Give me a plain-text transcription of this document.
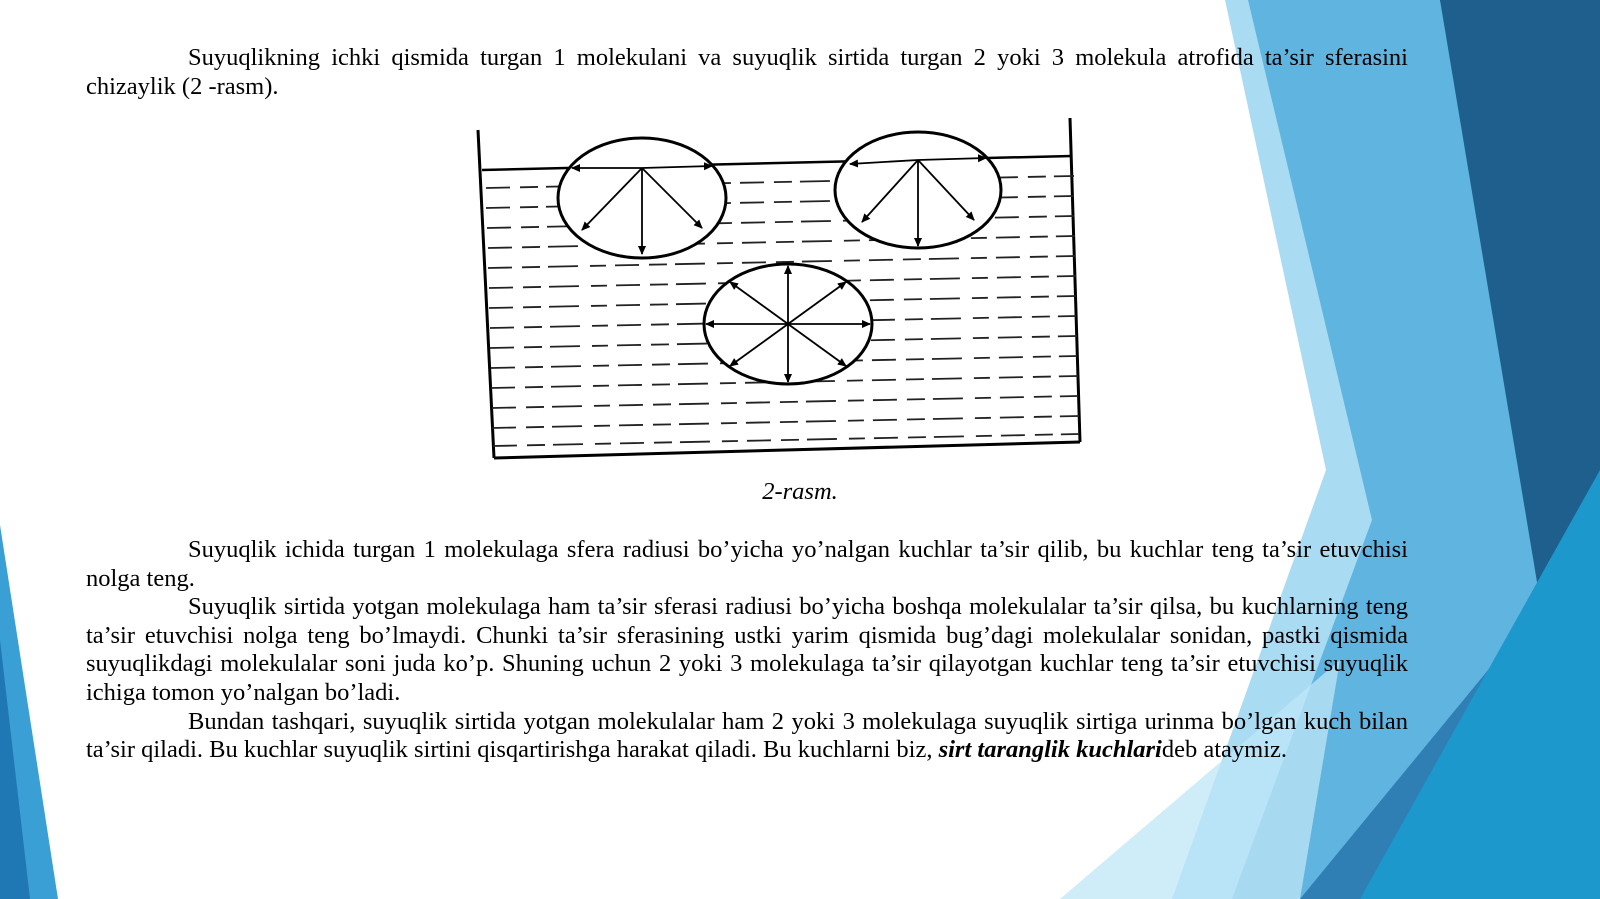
Suyuqlikning ichki qismida turgan 1 molekulani va suyuqlik sirtida turgan 2 yoki 3 molekula atrofida ta’sir sferasini chizaylik (2 -rasm).

2-rasm.

Suyuqlik ichida turgan 1 molekulaga sfera radiusi bo’yicha yo’nalgan kuchlar ta’sir qilib, bu kuchlar teng ta’sir etuvchisi nolga teng.

Suyuqlik sirtida yotgan molekulaga ham ta’sir sferasi radiusi bo’yicha boshqa molekulalar ta’sir qilsa, bu kuchlarning teng ta’sir etuvchisi nolga teng bo’lmaydi. Chunki ta’sir sferasining ustki yarim qismida bug’dagi molekulalar sonidan, pastki qismida suyuqlikdagi molekulalar soni juda ko’p. Shuning uchun 2 yoki 3 molekulaga ta’sir qilayotgan kuchlar teng ta’sir etuvchisi suyuqlik ichiga tomon yo’nalgan bo’ladi.

Bundan tashqari, suyuqlik sirtida yotgan molekulalar ham 2 yoki 3 molekulaga suyuqlik sirtiga urinma bo’lgan kuch bilan ta’sir qiladi. Bu kuchlar suyuqlik sirtini qisqartirishga harakat qiladi. Bu kuchlarni biz, sirt taranglik kuchlarideb ataymiz.
